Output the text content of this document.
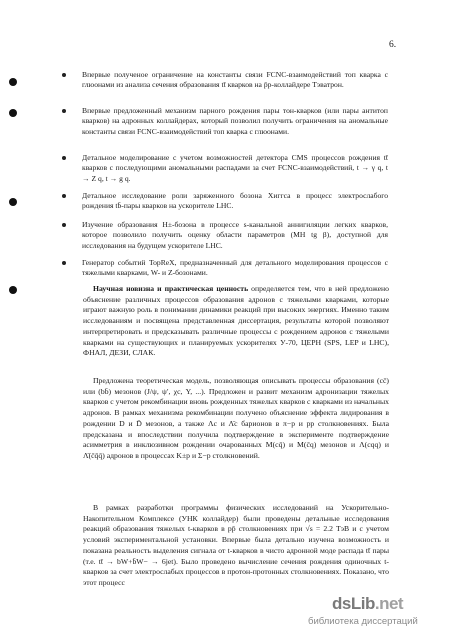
6.
Впервые полученое ограничение на константы связи FCNC-взаимодействий топ кварка с глюонами из анализа сечения образования tt̄ кварков на p̄p-коллайдере Тэватрон.
Впервые предложенный механизм парного рождения пары тон-кварков (или пары антитоп кварков) на адронных коллайдерах, который позволил получить ограничения на аномальные константы связи FCNC-взаимодействий топ кварка с глюонами.
Детальное моделирование с учетом возможностей детектора CMS процессов рождения tt̄ кварков с последующими аномальными распадами за счет FCNC-взаимодействий, t → γ q, t → Z q, t → g q.
Детальное исследование роли заряженного бозона Хиггса в процесс электрослабого рождения tb̄-пары кварков на ускорителе LHC.
Изучение образования H±-бозона в процессе s-канальной аннигиляции легких кварков, которое позволило получить оценку области параметров (MH tg β), доступной для исследования на будущем ускорителе LHC.
Генератор событий TopReX, предназначенный для детального моделирования процессов с тяжелыми кварками, W- и Z-бозонами.
Научная новизна и практическая ценность определяется тем, что в ней предложено объяснение различных процессов образования адронов с тяжелыми кварками, которые играют важную роль в понимании динамики реакций при высоких энергиях. Именно таким исследованиям и посвящена представленная диссертация, результаты которой позволяют интерпретировать и предсказывать различные процессы с рождением адронов с тяжелыми кварками на существующих и планируемых ускорителях У-70, ЦЕРН (SPS, LEP и LHC), ФНАЛ, ДЕЗИ, СЛАК.
Предложена теоретическая модель, позволяющая описывать процессы образования (cc̄) или (bb̄) мезонов (J/ψ, ψ′, χc, Υ, ...). Предложен и развит механизм адронизации тяжелых кварков с учетом рекомбинации вновь рожденных тяжелых кварков с кварками из начальных адронов. В рамках механизма рекомбинации получено объяснение эффекта лидирования в рождении D и D̄ мезонов, а также Λc и Λ̄c барионов в π−p и pp столкновениях. Была предсказана и впоследствии получила подтверждение в эксперименте подтверждение асимметрия в инклюзивном рождении очарованных M(cq̄) и M(c̄q) мезонов и Λ(cqq) и Λ̄(c̄q̄q̄) адронов в процессах K±p и Σ−p столкновений.
В рамках разработки программы физических исследований на Ускорительно-Накопительном Комплексе (УНК коллайдер) были проведены детальные исследования реакций образования тяжелых t-кварков в pp̄ столкновениях при √s = 2.2 ТэВ и с учетом условий экспериментальной установки. Впервые была детально изучена возможность и показана реальность выделения сигнала от t-кварков в чисто адронной моде распада tt̄ пары (т.е. tt̄ → bW+b̄W− → 6jet). Было проведено вычисление сечения рождения одиночных t-кварков за счет электрослабых процессов в протон-протонных столкновениях. Показано, что этот процесс
dsLib.net
библиотека диссертаций
